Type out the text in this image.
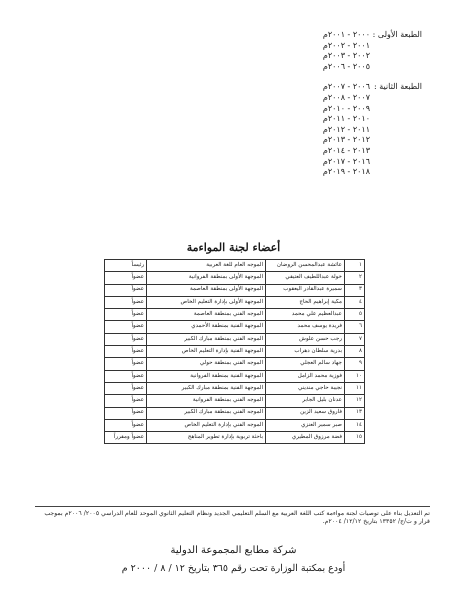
الطبعة الأولى :
٢٠٠٠ - ٢٠٠١م
٢٠٠١ - ٢٠٠٢م
٢٠٠٢ - ٢٠٠٣م
٢٠٠٥ - ٢٠٠٦م
الطبعة الثانية :
٢٠٠٦ - ٢٠٠٧م
٢٠٠٧ - ٢٠٠٨م
٢٠٠٩ - ٢٠١٠م
٢٠١٠ - ٢٠١١م
٢٠١١ - ٢٠١٢م
٢٠١٢ - ٢٠١٣م
٢٠١٣ - ٢٠١٤م
٢٠١٦ - ٢٠١٧م
٢٠١٨ - ٢٠١٩م
أعضاء لجنة المواءمة
١	عائشة عبدالمحسن الروضان	الموجه العام للغة العربية	رئيساً
٢	خولة عبداللطيف العتيقي	الموجهة الأولى بمنطقة الفروانية	عضواً
٣	سميرة عبدالقادر اليعقوب	الموجهة الأولى بمنطقة العاصمة	عضواً
٤	مكية إبراهيم الحاج	الموجهة الأولى بإدارة التعليم الخاص	عضواً
٥	عبدالعظيم علي محمد	الموجه الفني بمنطقة العاصمة	عضواً
٦	فريدة يوسف محمد	الموجهة الفنية بمنطقة الأحمدي	عضواً
٧	رجب حسن علوش	الموجه الفني بمنطقة مبارك الكبير	عضواً
٨	بدرية سلطان دهراب	الموجهة الفنية بإدارة التعليم الخاص	عضواً
٩	جهاد سالم العجلي	الموجه الفني بمنطقة حولي	عضواً
١٠	فوزية محمد الزامل	الموجهة الفنية بمنطقة الفروانية	عضواً
١١	نجيبة حاجي منديني	الموجهة الفنية بمنطقة مبارك الكبير	عضواً
١٢	عدنان بليل الجابر	الموجه الفني بمنطقة الفروانية	عضواً
١٣	فاروق سعيد الزين	الموجه الفني بمنطقة مبارك الكبير	عضواً
١٤	صبر سمير العنزي	الموجه الفني بإدارة التعليم الخاص	عضواً
١٥	فضة مرزوق المطيري	باحثة تربوية بإدارة تطوير المناهج	عضواً ومقرراً
تم التعديل بناء على توصيات لجنة مواءمة كتب اللغة العربية مع السلم التعليمي الجديد ونظام التعليم الثانوي الموحد للعام الدراسي ٢٠٠٥/ ٢٠٠٦م بموجب قرار و ت/ج/ ١٣٣٥٢ بتاريخ ١٢/١٢/ ٢٠٠٤م.
شركة مطابع المجموعة الدولية
أودع بمكتبة الوزارة تحت رقم ٣٦٥ بتاريخ ١٢ / ٨ / ٢٠٠٠ م
